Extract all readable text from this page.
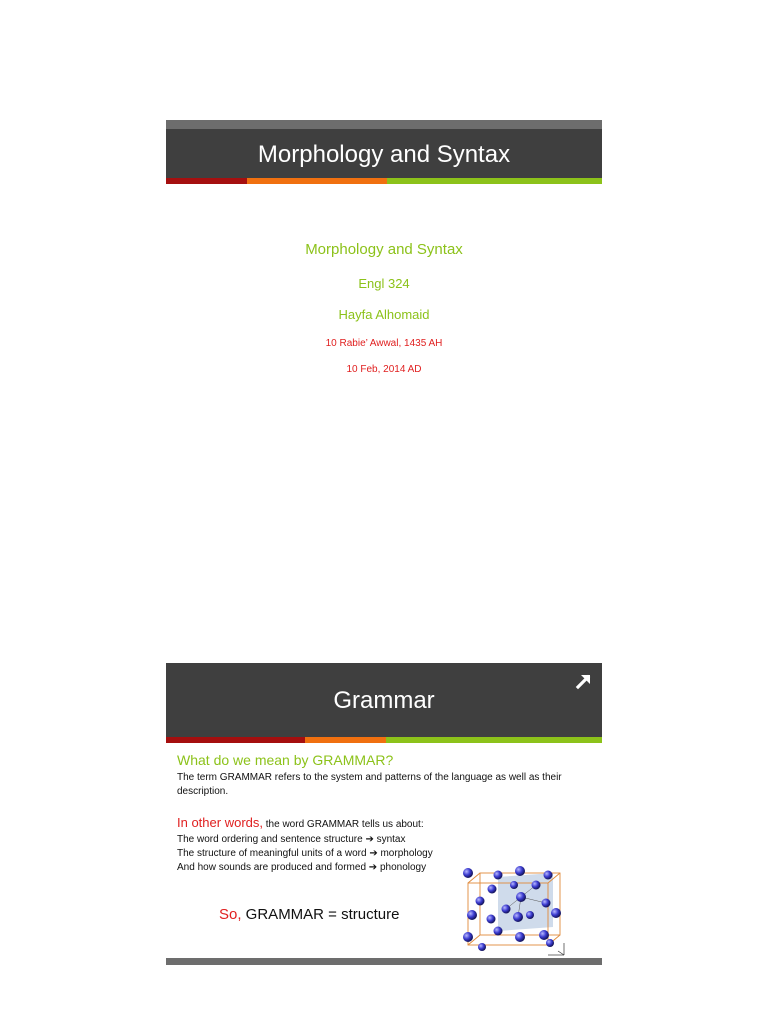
Morphology and Syntax
Morphology and Syntax
Engl 324
Hayfa Alhomaid
10 Rabie’ Awwal, 1435 AH
10 Feb, 2014 AD
Grammar
What do we mean by GRAMMAR?
The term GRAMMAR refers to the system and patterns of the language as well as their description.
In other words, the word GRAMMAR tells us about:
The word ordering and sentence structure ➔ syntax
The structure of meaningful units of a word ➔ morphology
And how sounds are produced and formed ➔ phonology
So, GRAMMAR = structure
